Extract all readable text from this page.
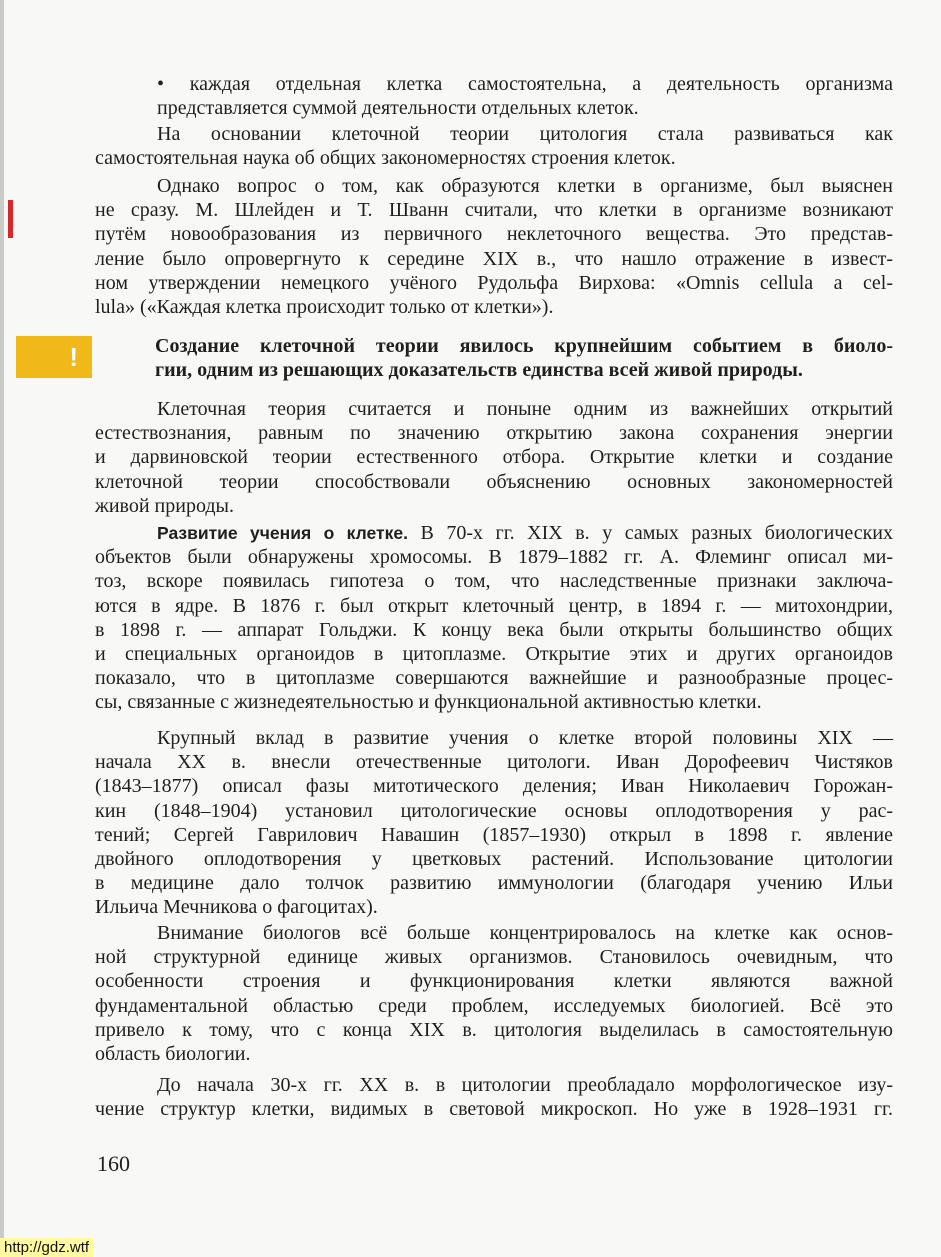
!
• каждая отдельная клетка самостоятельна, а деятельность организма
представляется суммой деятельности отдельных клеток.
На основании клеточной теории цитология стала развиваться как
самостоятельная наука об общих закономерностях строения клеток.
Однако вопрос о том, как образуются клетки в организме, был выяснен
не сразу. М. Шлейден и Т. Шванн считали, что клетки в организме возникают
путём новообразования из первичного неклеточного вещества. Это представ-
ление было опровергнуто к середине XIX в., что нашло отражение в извест-
ном утверждении немецкого учёного Рудольфа Вирхова: «Omnis cellula a cel-
lula» («Каждая клетка происходит только от клетки»).
Создание клеточной теории явилось крупнейшим событием в биоло-
гии, одним из решающих доказательств единства всей живой природы.
Клеточная теория считается и поныне одним из важнейших открытий
естествознания, равным по значению открытию закона сохранения энергии
и дарвиновской теории естественного отбора. Открытие клетки и создание
клеточной теории способствовали объяснению основных закономерностей
живой природы.
Развитие учения о клетке. В 70-х гг. XIX в. у самых разных биологических
объектов были обнаружены хромосомы. В 1879–1882 гг. А. Флеминг описал ми-
тоз, вскоре появилась гипотеза о том, что наследственные признаки заключа-
ются в ядре. В 1876 г. был открыт клеточный центр, в 1894 г. — митохондрии,
в 1898 г. — аппарат Гольджи. К концу века были открыты большинство общих
и специальных органоидов в цитоплазме. Открытие этих и других органоидов
показало, что в цитоплазме совершаются важнейшие и разнообразные процес-
сы, связанные с жизнедеятельностью и функциональной активностью клетки.
Крупный вклад в развитие учения о клетке второй половины XIX —
начала XX в. внесли отечественные цитологи. Иван Дорофеевич Чистяков
(1843–1877) описал фазы митотического деления; Иван Николаевич Горожан-
кин (1848–1904) установил цитологические основы оплодотворения у рас-
тений; Сергей Гаврилович Навашин (1857–1930) открыл в 1898 г. явление
двойного оплодотворения у цветковых растений. Использование цитологии
в медицине дало толчок развитию иммунологии (благодаря учению Ильи
Ильича Мечникова о фагоцитах).
Внимание биологов всё больше концентрировалось на клетке как основ-
ной структурной единице живых организмов. Становилось очевидным, что
особенности строения и функционирования клетки являются важной
фундаментальной областью среди проблем, исследуемых биологией. Всё это
привело к тому, что с конца XIX в. цитология выделилась в самостоятельную
область биологии.
До начала 30-х гг. XX в. в цитологии преобладало морфологическое изу-
чение структур клетки, видимых в световой микроскоп. Но уже в 1928–1931 гг.
160
http://gdz.wtf
